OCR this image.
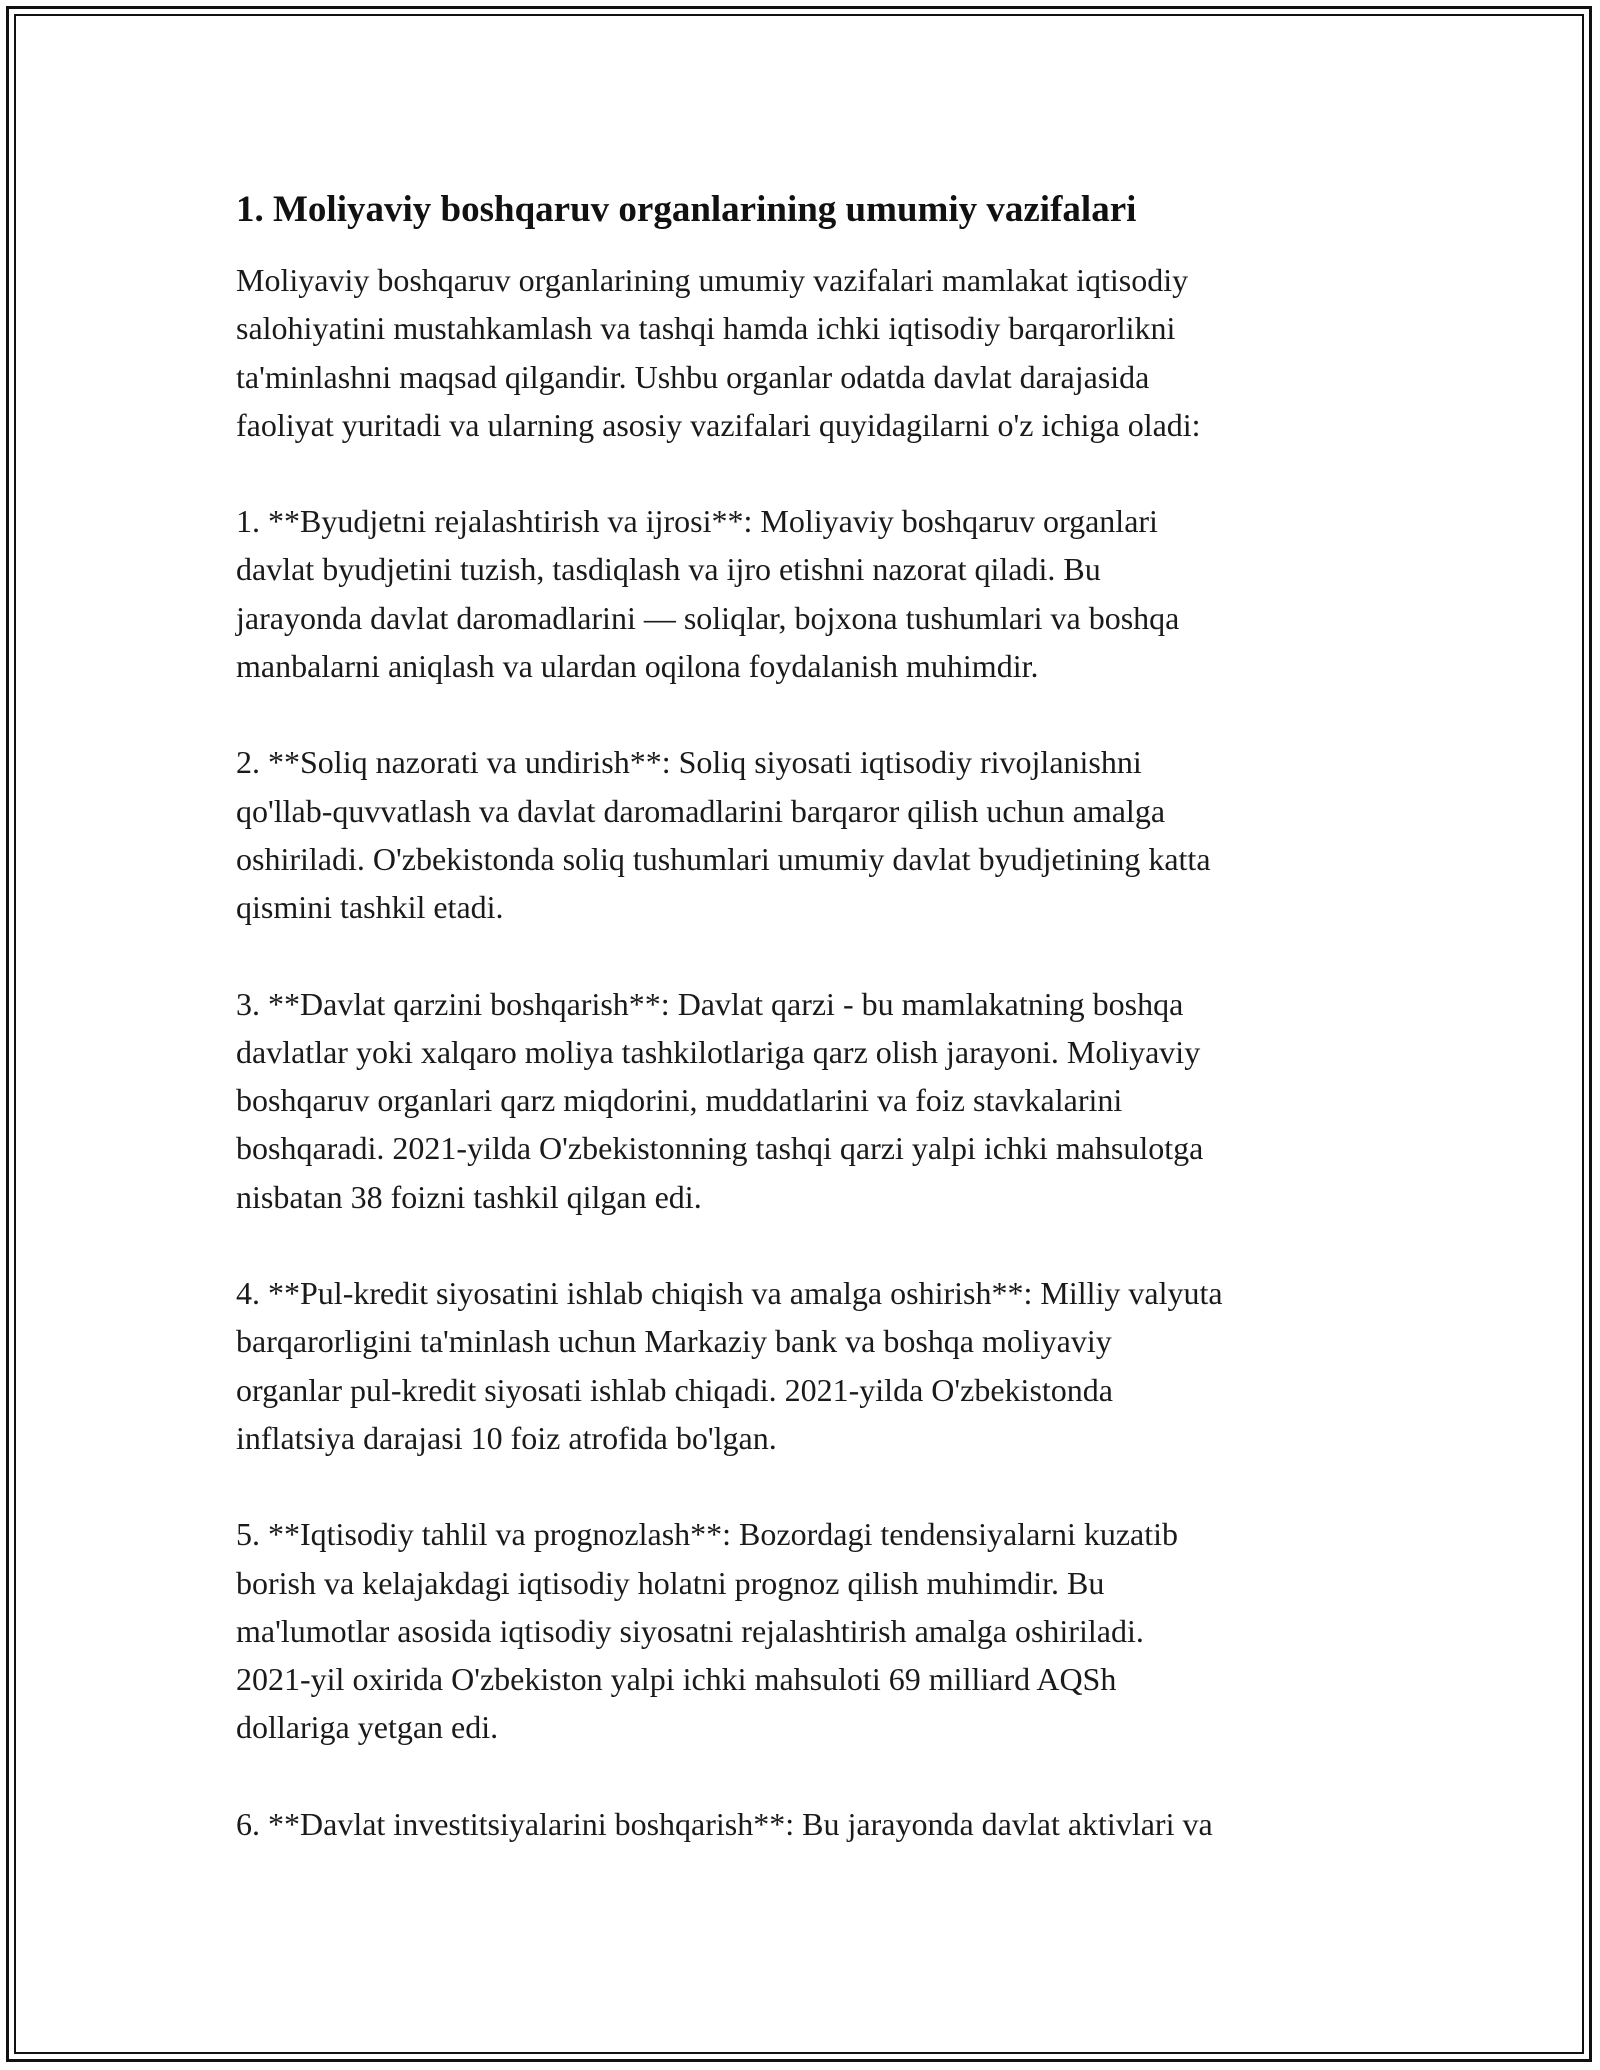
1. Moliyaviy boshqaruv organlarining umumiy vazifalari

Moliyaviy boshqaruv organlarining umumiy vazifalari mamlakat iqtisodiy
salohiyatini mustahkamlash va tashqi hamda ichki iqtisodiy barqarorlikni
ta'minlashni maqsad qilgandir. Ushbu organlar odatda davlat darajasida
faoliyat yuritadi va ularning asosiy vazifalari quyidagilarni o'z ichiga oladi:

1. **Byudjetni rejalashtirish va ijrosi**: Moliyaviy boshqaruv organlari
davlat byudjetini tuzish, tasdiqlash va ijro etishni nazorat qiladi. Bu
jarayonda davlat daromadlarini — soliqlar, bojxona tushumlari va boshqa
manbalarni aniqlash va ulardan oqilona foydalanish muhimdir.

2. **Soliq nazorati va undirish**: Soliq siyosati iqtisodiy rivojlanishni
qo'llab-quvvatlash va davlat daromadlarini barqaror qilish uchun amalga
oshiriladi. O'zbekistonda soliq tushumlari umumiy davlat byudjetining katta
qismini tashkil etadi.

3. **Davlat qarzini boshqarish**: Davlat qarzi - bu mamlakatning boshqa
davlatlar yoki xalqaro moliya tashkilotlariga qarz olish jarayoni. Moliyaviy
boshqaruv organlari qarz miqdorini, muddatlarini va foiz stavkalarini
boshqaradi. 2021-yilda O'zbekistonning tashqi qarzi yalpi ichki mahsulotga
nisbatan 38 foizni tashkil qilgan edi.

4. **Pul-kredit siyosatini ishlab chiqish va amalga oshirish**: Milliy valyuta
barqarorligini ta'minlash uchun Markaziy bank va boshqa moliyaviy
organlar pul-kredit siyosati ishlab chiqadi. 2021-yilda O'zbekistonda
inflatsiya darajasi 10 foiz atrofida bo'lgan.

5. **Iqtisodiy tahlil va prognozlash**: Bozordagi tendensiyalarni kuzatib
borish va kelajakdagi iqtisodiy holatni prognoz qilish muhimdir. Bu
ma'lumotlar asosida iqtisodiy siyosatni rejalashtirish amalga oshiriladi.
2021-yil oxirida O'zbekiston yalpi ichki mahsuloti 69 milliard AQSh
dollariga yetgan edi.

6. **Davlat investitsiyalarini boshqarish**: Bu jarayonda davlat aktivlari va
